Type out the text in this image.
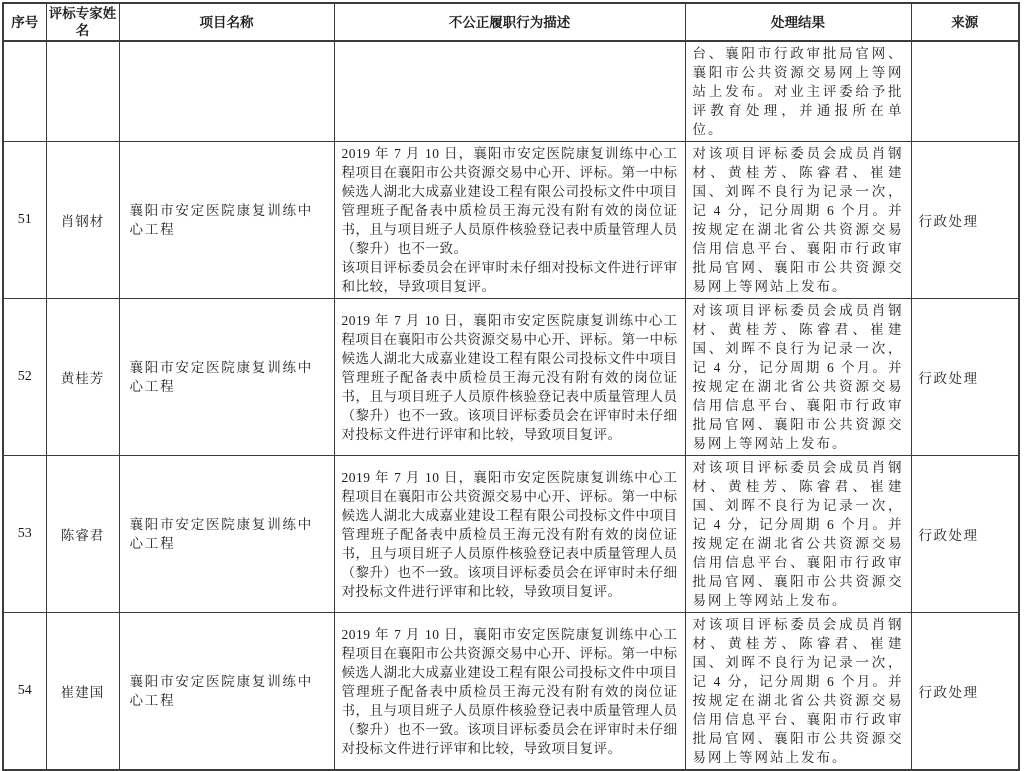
序号	评标专家姓名	项目名称	不公正履职行为描述	处理结果	来源
				台、襄阳市行政审批局官网、襄阳市公共资源交易网上等网站上发布。对业主评委给予批评教育处理，并通报所在单位。	
51	肖钢材	襄阳市安定医院康复训练中心工程	2019 年 7 月 10 日，襄阳市安定医院康复训练中心工程项目在襄阳市公共资源交易中心开、评标。第一中标候选人湖北大成嘉业建设工程有限公司投标文件中项目管理班子配备表中质检员王海元没有附有效的岗位证书，且与项目班子人员原件核验登记表中质量管理人员（黎升）也不一致。
该项目评标委员会在评审时未仔细对投标文件进行评审和比较，导致项目复评。	对该项目评标委员会成员肖钢材、黄桂芳、陈睿君、崔建国、刘晖不良行为记录一次，记 4 分，记分周期 6 个月。并按规定在湖北省公共资源交易信用信息平台、襄阳市行政审批局官网、襄阳市公共资源交易网上等网站上发布。	行政处理
52	黄桂芳	襄阳市安定医院康复训练中心工程	2019 年 7 月 10 日，襄阳市安定医院康复训练中心工程项目在襄阳市公共资源交易中心开、评标。第一中标候选人湖北大成嘉业建设工程有限公司投标文件中项目管理班子配备表中质检员王海元没有附有效的岗位证书，且与项目班子人员原件核验登记表中质量管理人员（黎升）也不一致。该项目评标委员会在评审时未仔细对投标文件进行评审和比较，导致项目复评。	对该项目评标委员会成员肖钢材、黄桂芳、陈睿君、崔建国、刘晖不良行为记录一次，记 4 分，记分周期 6 个月。并按规定在湖北省公共资源交易信用信息平台、襄阳市行政审批局官网、襄阳市公共资源交易网上等网站上发布。	行政处理
53	陈睿君	襄阳市安定医院康复训练中心工程	2019 年 7 月 10 日，襄阳市安定医院康复训练中心工程项目在襄阳市公共资源交易中心开、评标。第一中标候选人湖北大成嘉业建设工程有限公司投标文件中项目管理班子配备表中质检员王海元没有附有效的岗位证书，且与项目班子人员原件核验登记表中质量管理人员（黎升）也不一致。该项目评标委员会在评审时未仔细对投标文件进行评审和比较，导致项目复评。	对该项目评标委员会成员肖钢材、黄桂芳、陈睿君、崔建国、刘晖不良行为记录一次，记 4 分，记分周期 6 个月。并按规定在湖北省公共资源交易信用信息平台、襄阳市行政审批局官网、襄阳市公共资源交易网上等网站上发布。	行政处理
54	崔建国	襄阳市安定医院康复训练中心工程	2019 年 7 月 10 日，襄阳市安定医院康复训练中心工程项目在襄阳市公共资源交易中心开、评标。第一中标候选人湖北大成嘉业建设工程有限公司投标文件中项目管理班子配备表中质检员王海元没有附有效的岗位证书，且与项目班子人员原件核验登记表中质量管理人员（黎升）也不一致。该项目评标委员会在评审时未仔细对投标文件进行评审和比较，导致项目复评。	对该项目评标委员会成员肖钢材、黄桂芳、陈睿君、崔建国、刘晖不良行为记录一次，记 4 分，记分周期 6 个月。并按规定在湖北省公共资源交易信用信息平台、襄阳市行政审批局官网、襄阳市公共资源交易网上等网站上发布。	行政处理
